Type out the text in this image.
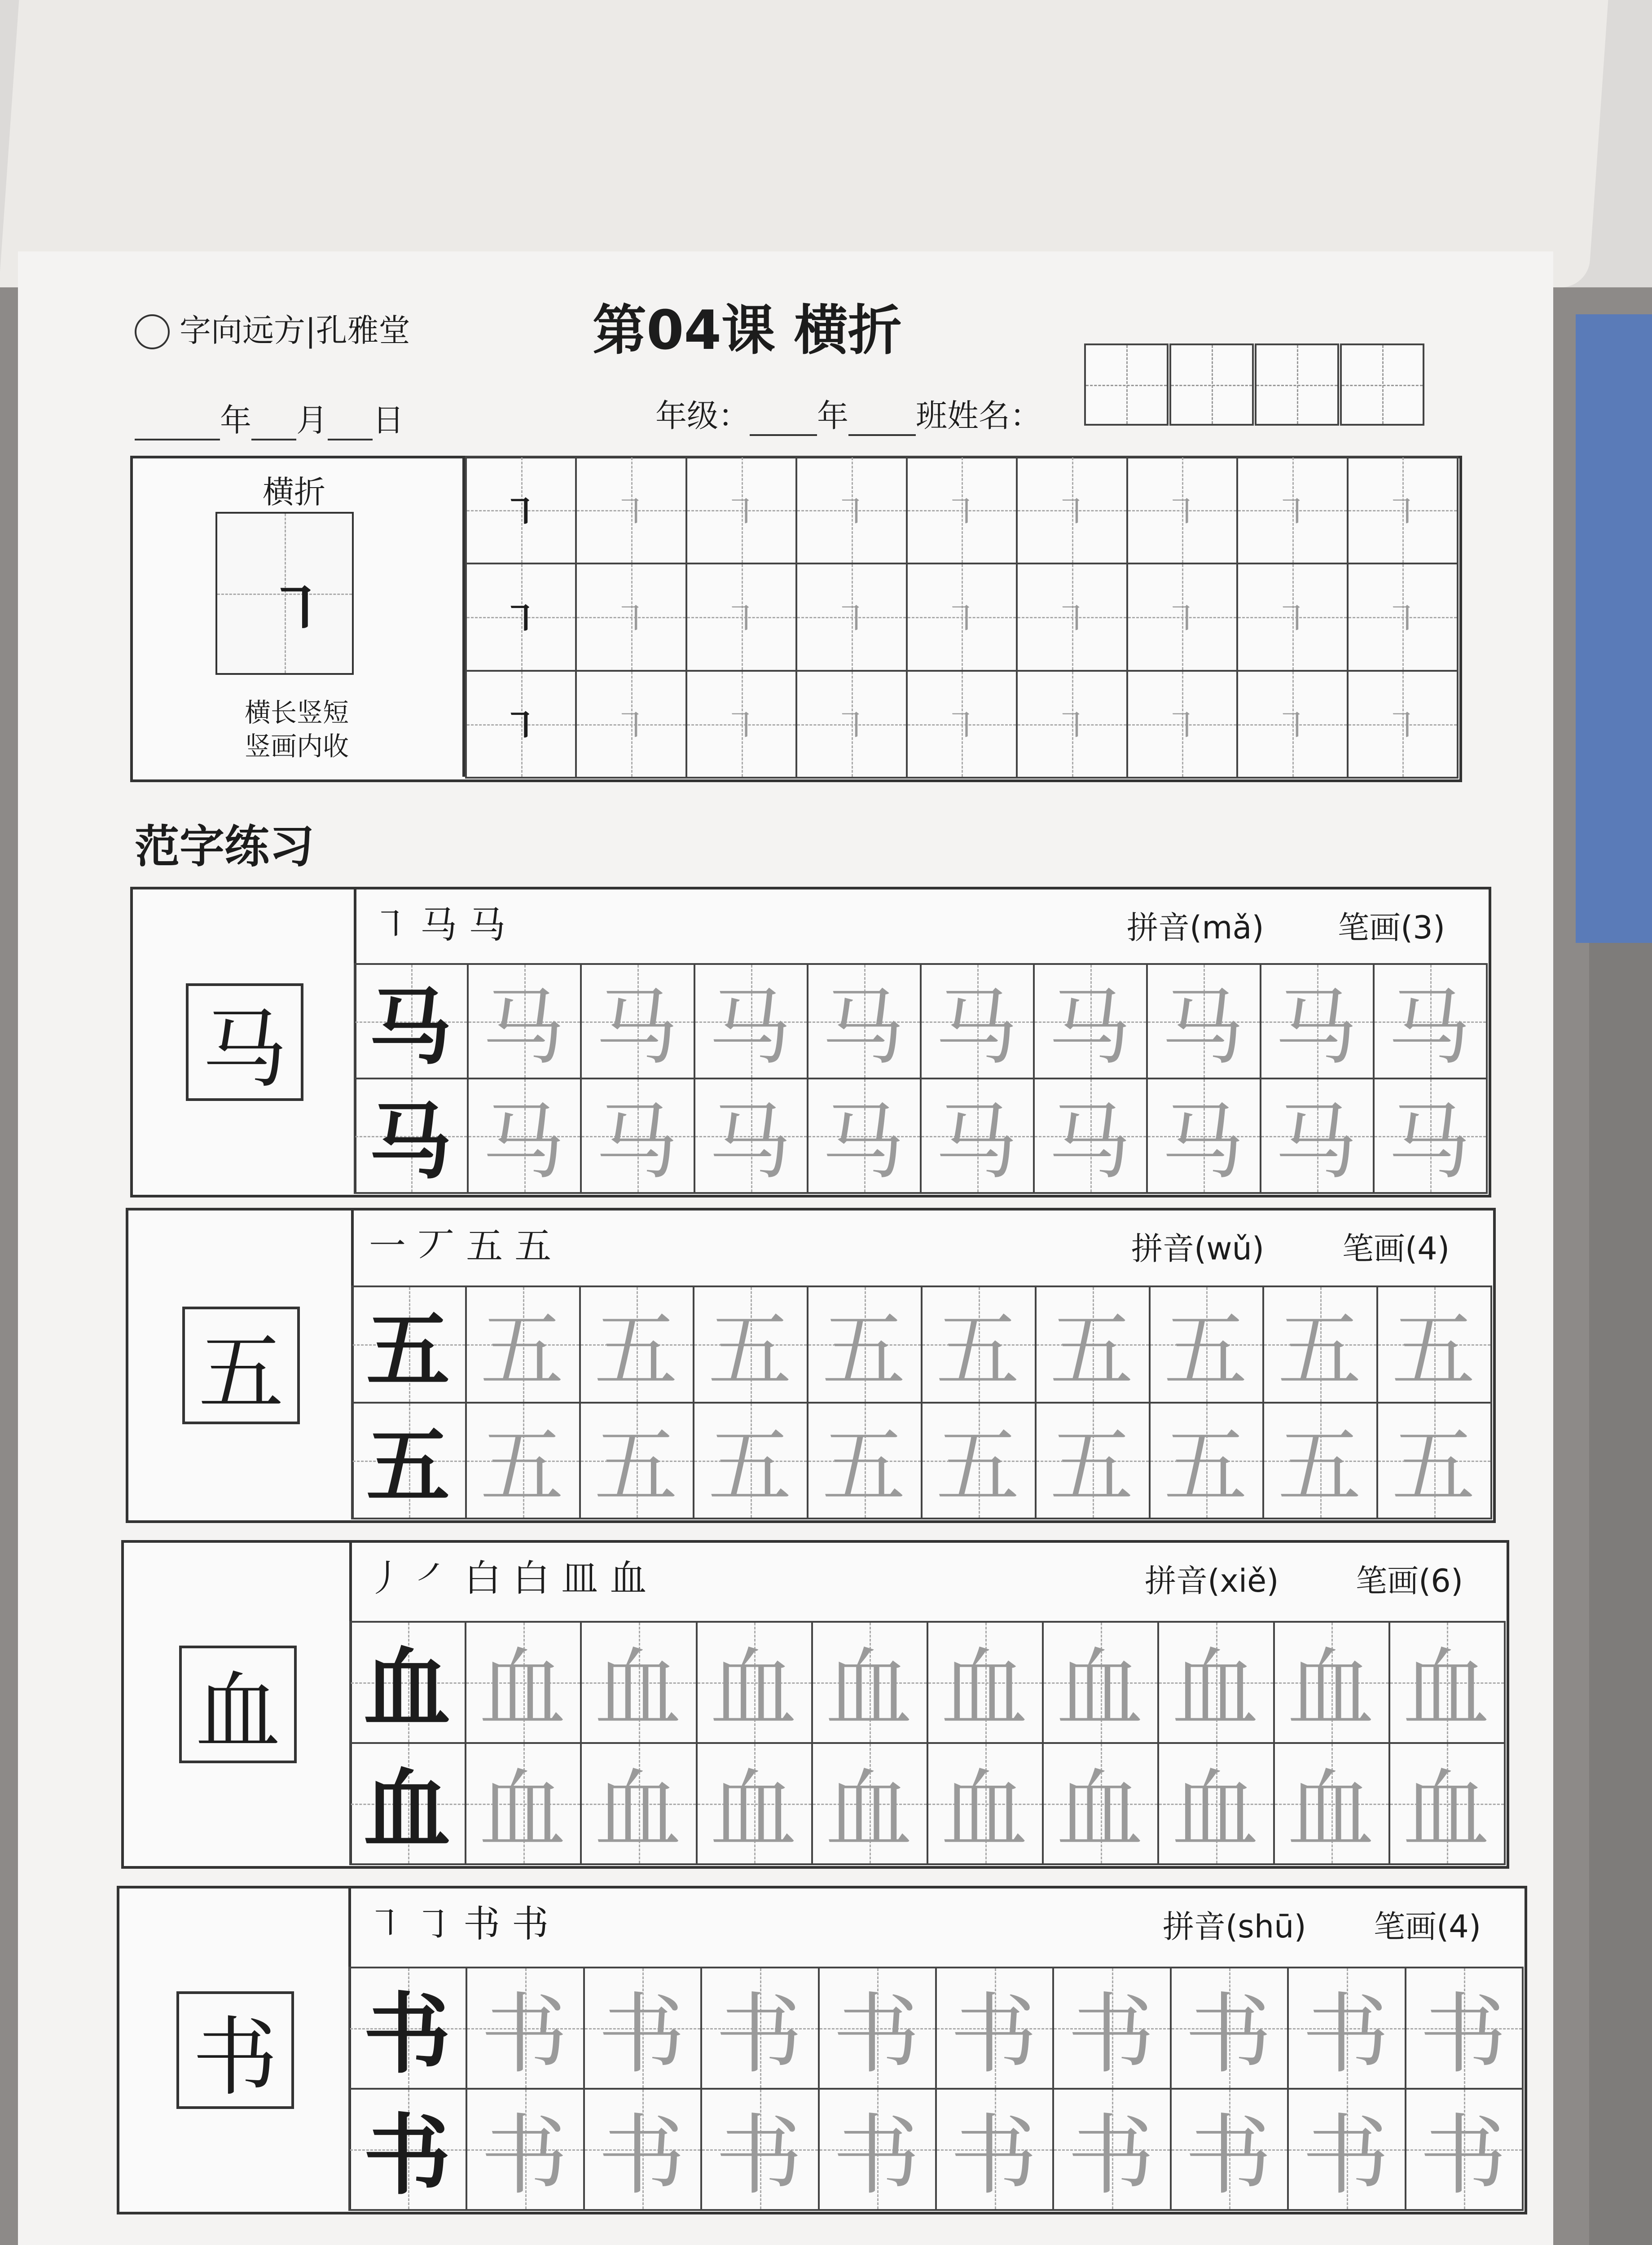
字向远方|孔雅堂	第04课 横折
年 月 日	年级： 年 班姓名：
横折
㇕
横长竖短
竖画内收
㇕	㇕	㇕	㇕	㇕	㇕	㇕	㇕	㇕
㇕	㇕	㇕	㇕	㇕	㇕	㇕	㇕	㇕
㇕	㇕	㇕	㇕	㇕	㇕	㇕	㇕	㇕
范字练习
马
㇕ 马 马	拼音(mǎ) 笔画(3)
马 马 马 马 马 马 马 马 马 马
马 马 马 马 马 马 马 马 马 马
五
一 丆 五 五	拼音(wǔ) 笔画(4)
五 五 五 五 五 五 五 五 五 五
五 五 五 五 五 五 五 五 五 五
血
丿 ㇒ 白 白 皿 血	拼音(xiě) 笔画(6)
血 血 血 血 血 血 血 血 血 血
血 血 血 血 血 血 血 血 血 血
书
㇕ ㇆ 书 书	拼音(shū) 笔画(4)
书 书 书 书 书 书 书 书 书 书
书 书 书 书 书 书 书 书 书 书
